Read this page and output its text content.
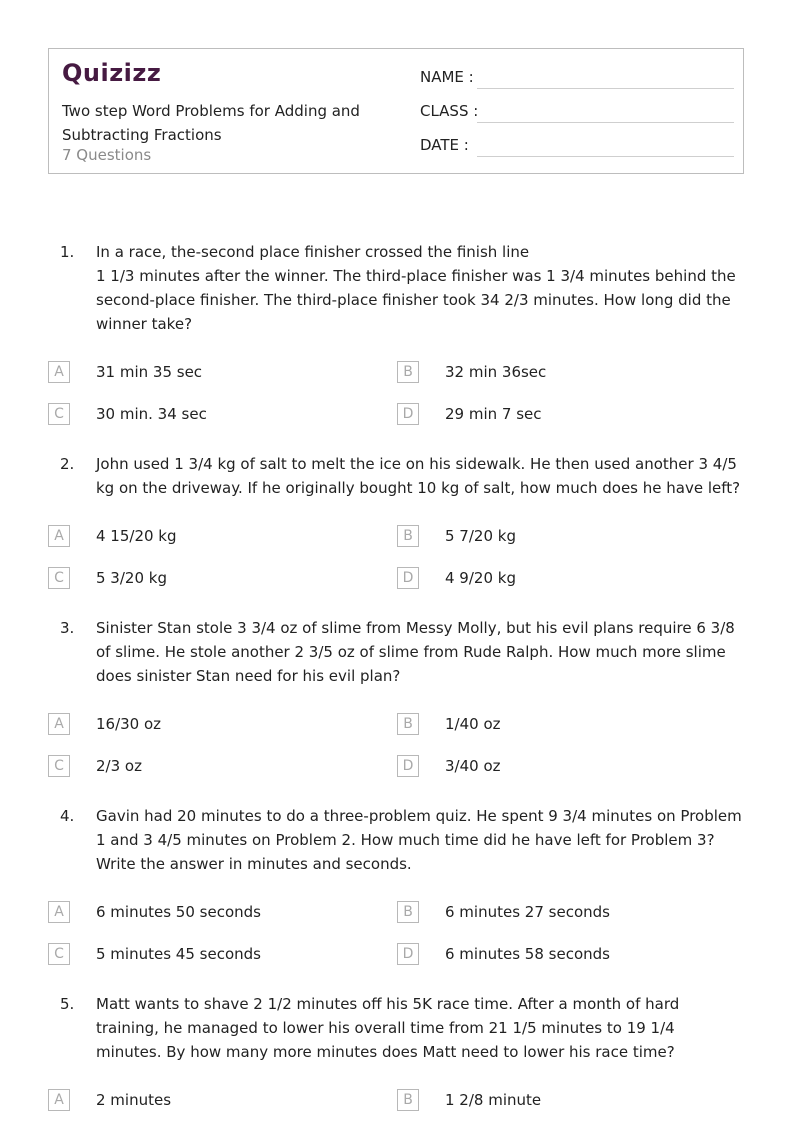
Quizizz
Two step Word Problems for Adding and Subtracting Fractions
7 Questions
NAME :
CLASS :
DATE :
1. In a race, the-second place finisher crossed the finish line
1 1/3 minutes after the winner. The third-place finisher was 1 3/4 minutes behind the second-place finisher. The third-place finisher took 34 2/3 minutes. How long did the winner take?
A	31 min 35 sec	B	32 min 36sec
C	30 min. 34 sec	D	29 min 7 sec
2. John used 1 3/4 kg of salt to melt the ice on his sidewalk. He then used another 3 4/5 kg on the driveway. If he originally bought 10 kg of salt, how much does he have left?
A	4 15/20 kg	B	5 7/20 kg
C	5 3/20 kg	D	4 9/20 kg
3. Sinister Stan stole 3 3/4 oz of slime from Messy Molly, but his evil plans require 6 3/8 of slime. He stole another 2 3/5 oz of slime from Rude Ralph. How much more slime does sinister Stan need for his evil plan?
A	16/30 oz	B	1/40 oz
C	2/3 oz	D	3/40 oz
4. Gavin had 20 minutes to do a three-problem quiz. He spent 9 3/4 minutes on Problem 1 and 3 4/5 minutes on Problem 2. How much time did he have left for Problem 3? Write the answer in minutes and seconds.
A	6 minutes 50 seconds	B	6 minutes 27 seconds
C	5 minutes 45 seconds	D	6 minutes 58 seconds
5. Matt wants to shave 2 1/2 minutes off his 5K race time. After a month of hard training, he managed to lower his overall time from 21 1/5 minutes to 19 1/4 minutes. By how many more minutes does Matt need to lower his race time?
A	2 minutes	B	1 2/8 minute
